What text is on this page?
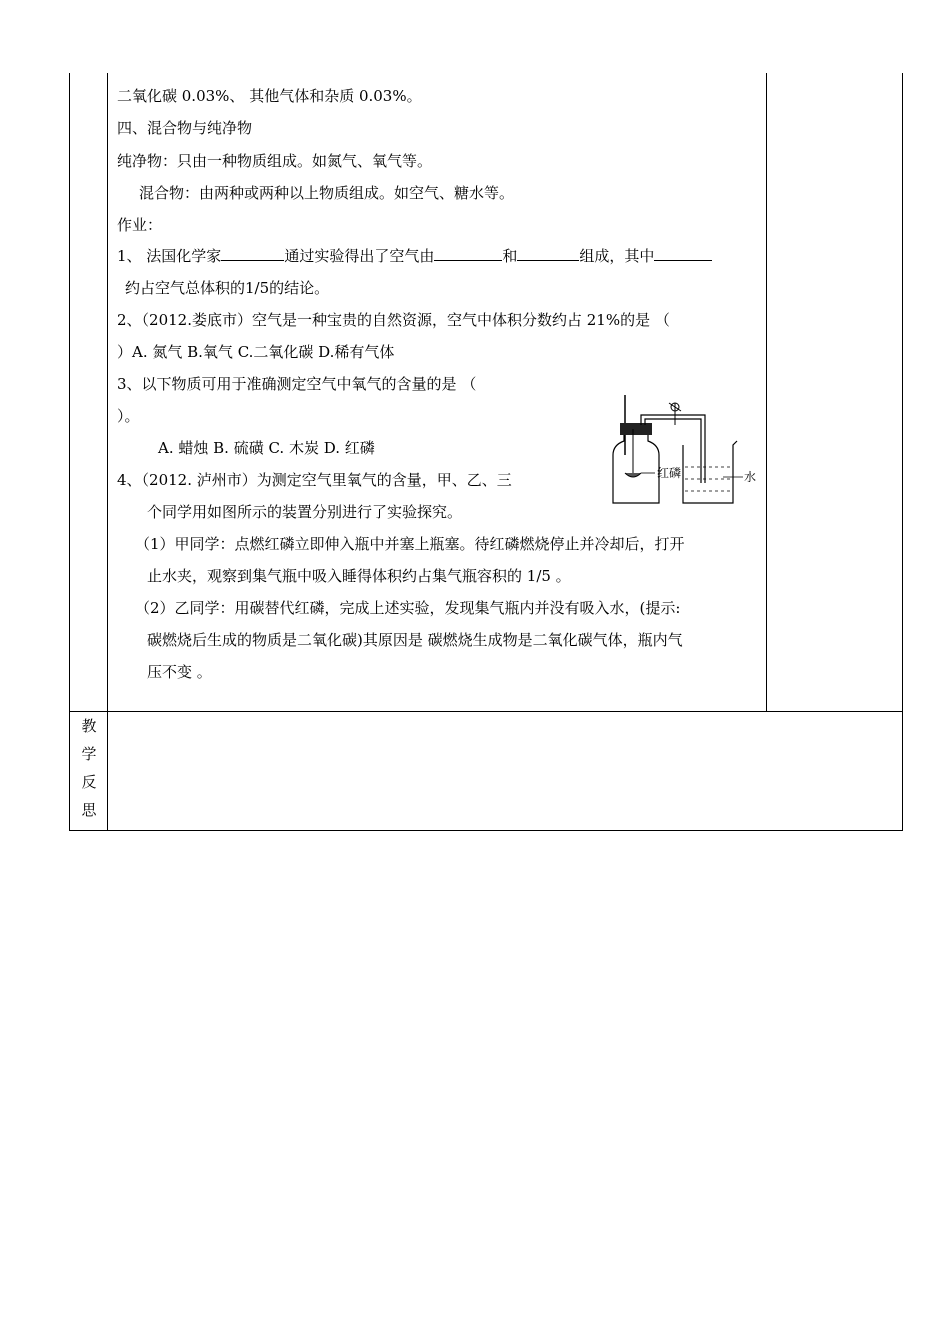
二氧化碳 0.03%、 其他气体和杂质 0.03%。
四、混合物与纯净物
纯净物：只由一种物质组成。如氮气、氧气等。
混合物：由两种或两种以上物质组成。如空气、糖水等。
作业：
1、 法国化学家	通过实验得出了空气由	和	组成，其中
约占空气总体积的1/5的结论。
2、（2012.娄底市）空气是一种宝贵的自然资源，空气中体积分数约占 21%的是 （
）A. 氮气 B.氧气 C.二氧化碳 D.稀有气体
3、以下物质可用于准确测定空气中氧气的含量的是 （
）。
A. 蜡烛 B. 硫磺 C. 木炭 D. 红磷
4、（2012. 泸州市）为测定空气里氧气的含量，甲、乙、三
个同学用如图所示的装置分别进行了实验探究。
（1）甲同学：点燃红磷立即伸入瓶中并塞上瓶塞。待红磷燃烧停止并冷却后，打开
止水夹，观察到集气瓶中吸入睡得体积约占集气瓶容积的 1/5 。
（2）乙同学：用碳替代红磷，完成上述实验，发现集气瓶内并没有吸入水，(提示:
碳燃烧后生成的物质是二氧化碳)其原因是 碳燃烧生成物是二氧化碳气体，瓶内气
压不变 。
红磷	水
教
学
反
思
